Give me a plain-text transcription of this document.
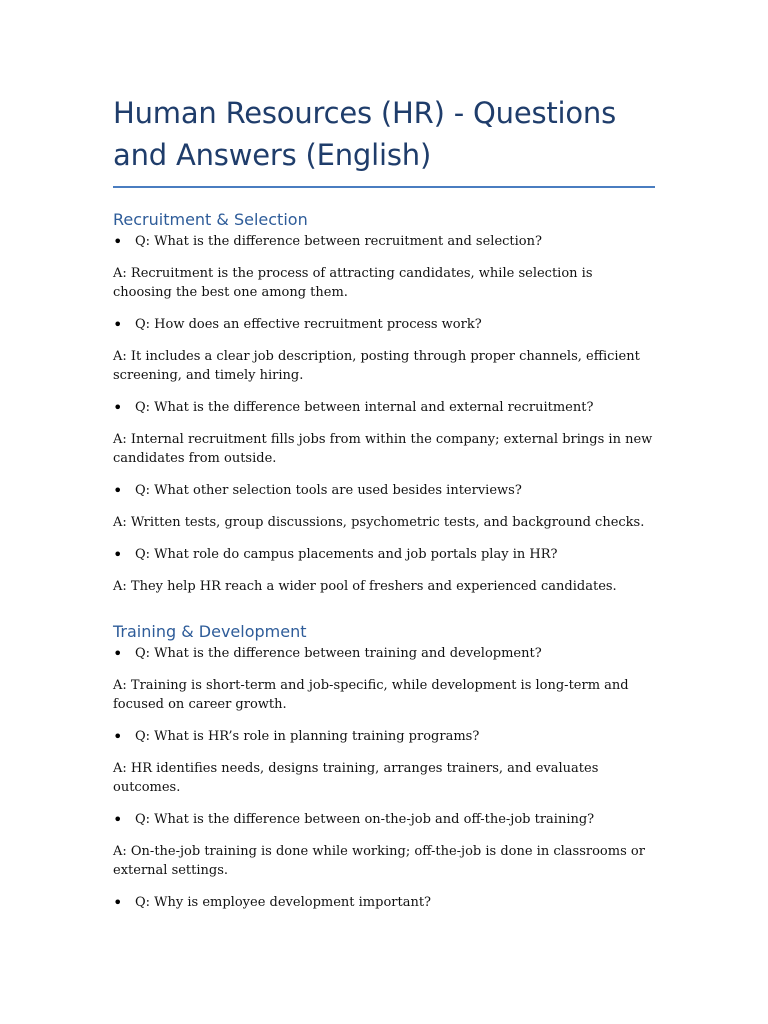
Human Resources (HR) - Questions and Answers (English)
Recruitment & Selection

• Q: What is the difference between recruitment and selection?

A: Recruitment is the process of attracting candidates, while selection is choosing the best one among them.

• Q: How does an effective recruitment process work?

A: It includes a clear job description, posting through proper channels, efficient screening, and timely hiring.

• Q: What is the difference between internal and external recruitment?

A: Internal recruitment fills jobs from within the company; external brings in new candidates from outside.

• Q: What other selection tools are used besides interviews?

A: Written tests, group discussions, psychometric tests, and background checks.

• Q: What role do campus placements and job portals play in HR?

A: They help HR reach a wider pool of freshers and experienced candidates.

Training & Development

• Q: What is the difference between training and development?

A: Training is short-term and job-specific, while development is long-term and focused on career growth.

• Q: What is HR’s role in planning training programs?

A: HR identifies needs, designs training, arranges trainers, and evaluates outcomes.

• Q: What is the difference between on-the-job and off-the-job training?

A: On-the-job training is done while working; off-the-job is done in classrooms or external settings.

• Q: Why is employee development important?
